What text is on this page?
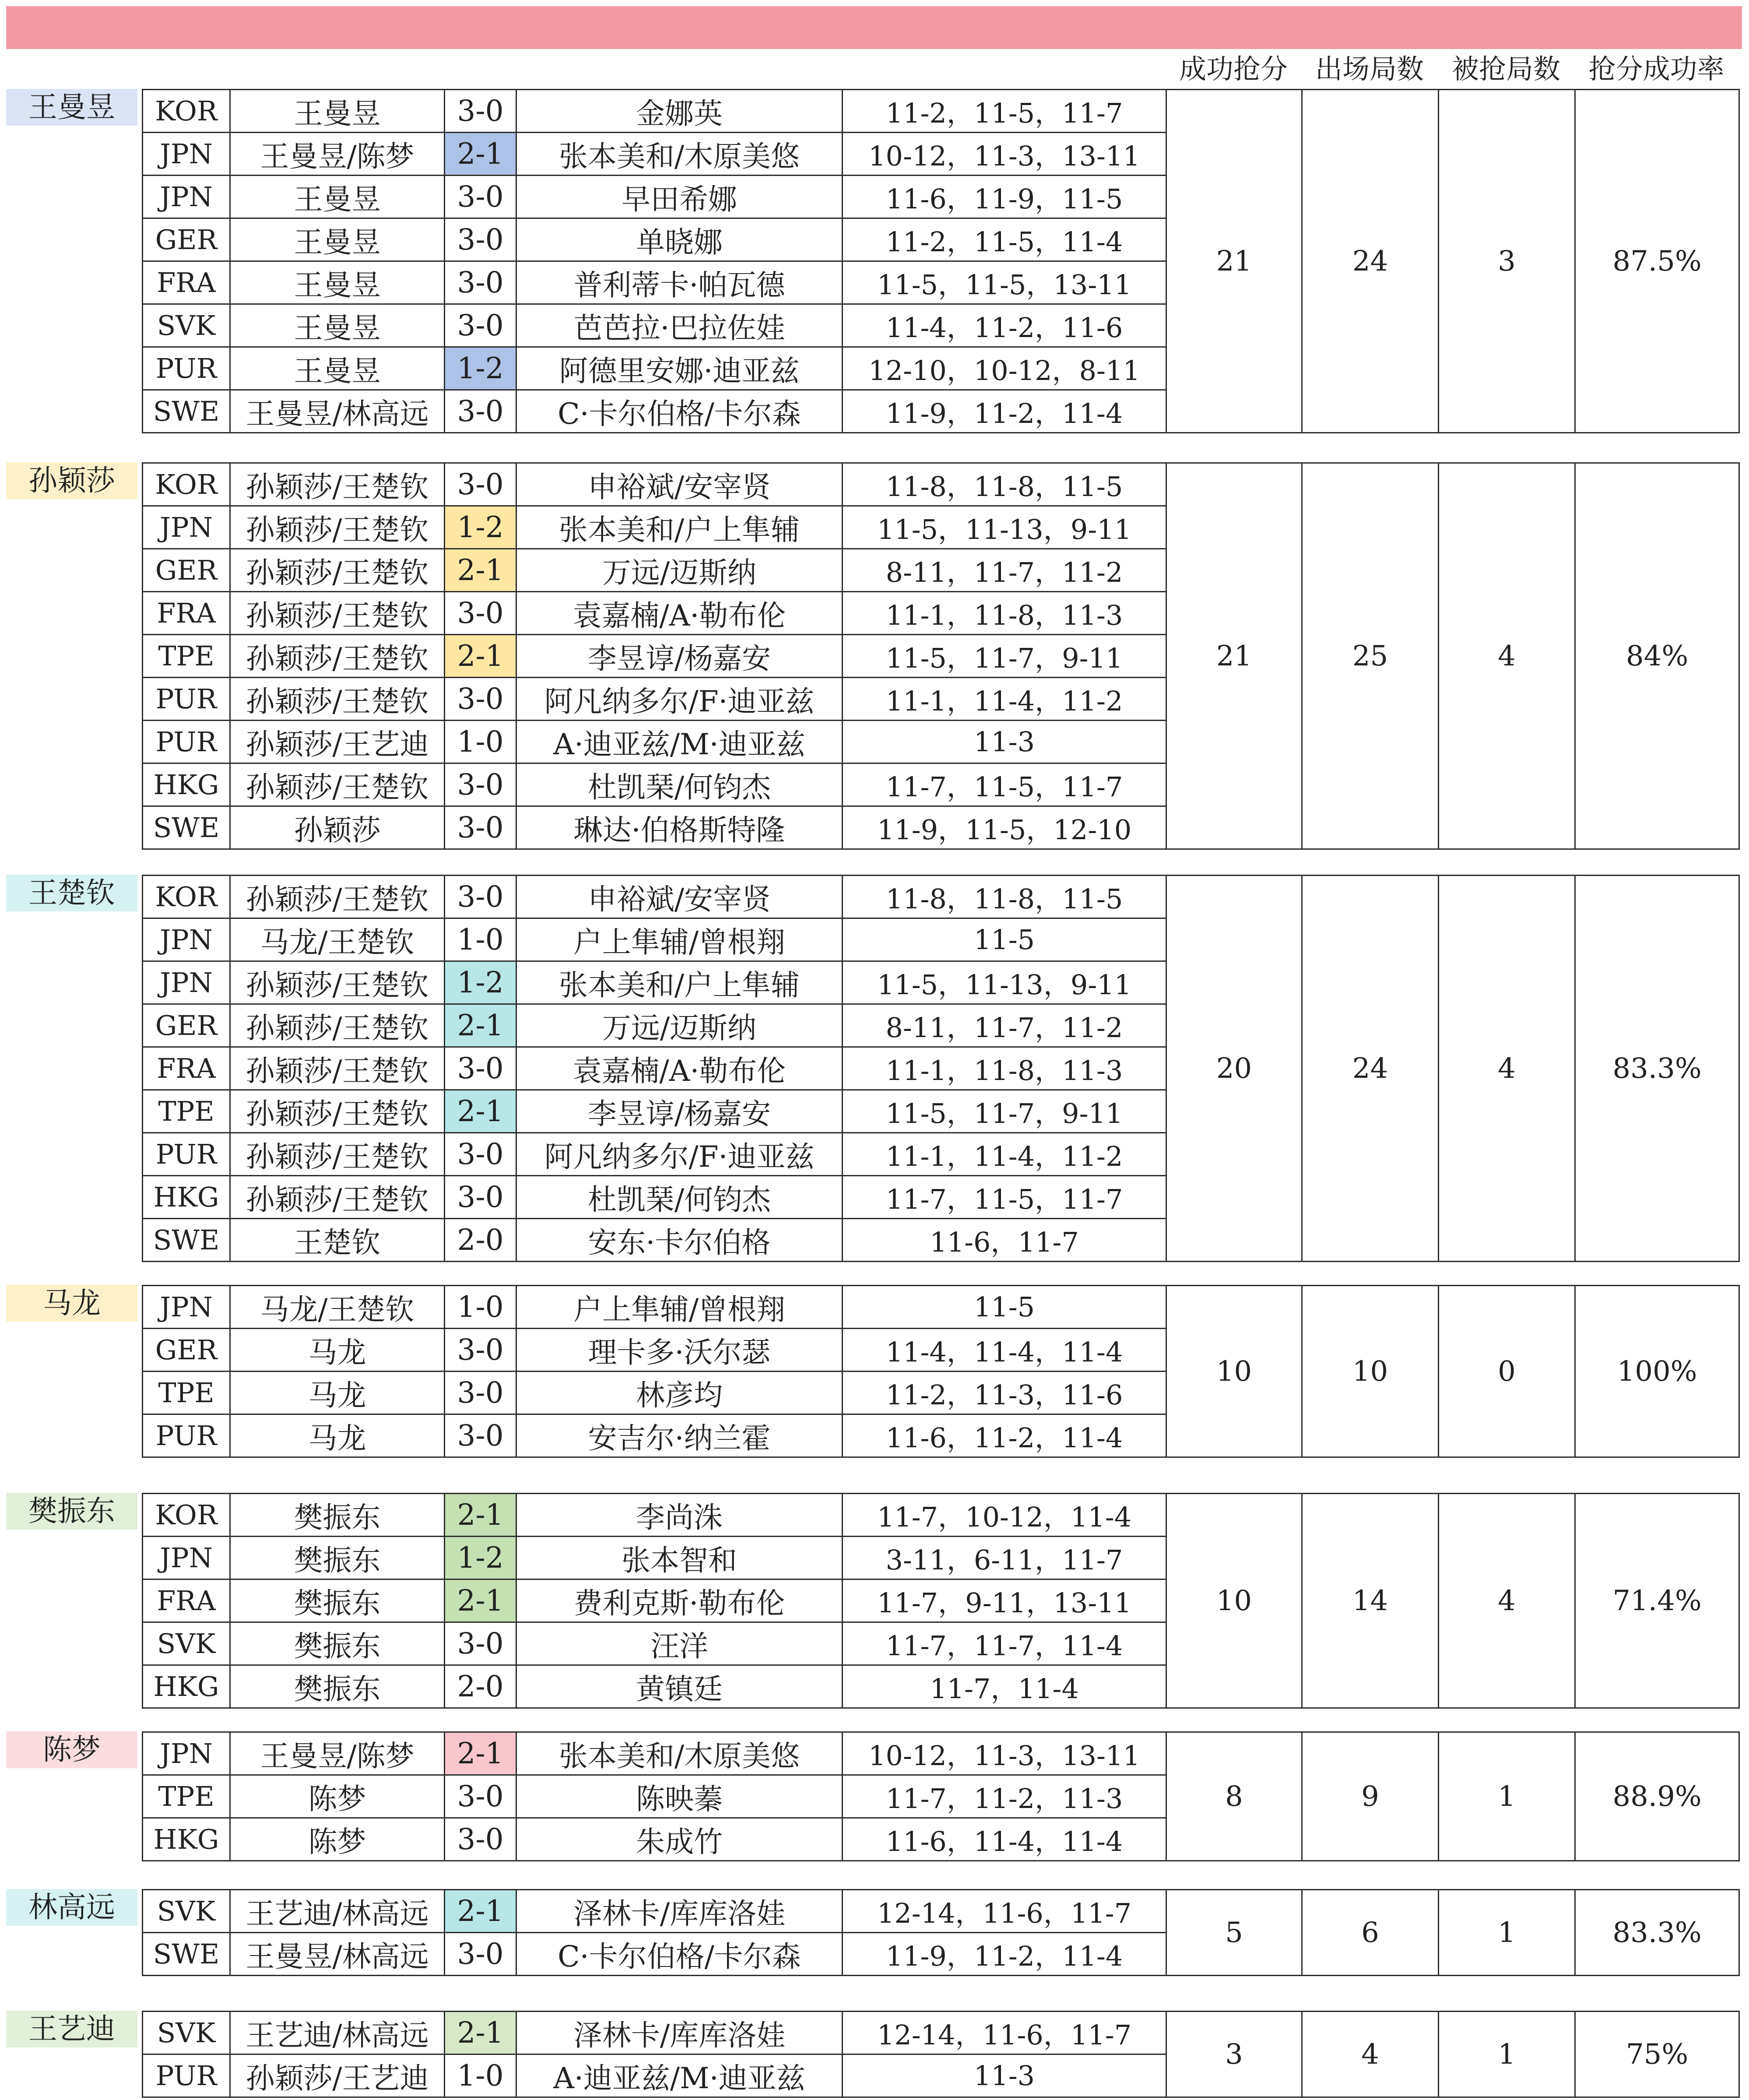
成功抢分	出场局数	被抢局数	抢分成功率
王曼昱	KOR	王曼昱	3-0	金娜英	11-2，11-5，11-7	21	24	3	87.5%
JPN	王曼昱/陈梦	2-1	张本美和/木原美悠	10-12，11-3，13-11				
JPN	王曼昱	3-0	早田希娜	11-6，11-9，11-5				
GER	王曼昱	3-0	单晓娜	11-2，11-5，11-4				
FRA	王曼昱	3-0	普利蒂卡·帕瓦德	11-5，11-5，13-11				
SVK	王曼昱	3-0	芭芭拉·巴拉佐娃	11-4，11-2，11-6				
PUR	王曼昱	1-2	阿德里安娜·迪亚兹	12-10，10-12，8-11				
SWE	王曼昱/林高远	3-0	C·卡尔伯格/卡尔森	11-9，11-2，11-4				
孙颖莎	KOR	孙颖莎/王楚钦	3-0	申裕斌/安宰贤	11-8，11-8，11-5	21	25	4	84%
JPN	孙颖莎/王楚钦	1-2	张本美和/户上隼辅	11-5，11-13，9-11				
GER	孙颖莎/王楚钦	2-1	万远/迈斯纳	8-11，11-7，11-2				
FRA	孙颖莎/王楚钦	3-0	袁嘉楠/A·勒布伦	11-1，11-8，11-3				
TPE	孙颖莎/王楚钦	2-1	李昱谆/杨嘉安	11-5，11-7，9-11				
PUR	孙颖莎/王楚钦	3-0	阿凡纳多尔/F·迪亚兹	11-1，11-4，11-2				
PUR	孙颖莎/王艺迪	1-0	A·迪亚兹/M·迪亚兹	11-3				
HKG	孙颖莎/王楚钦	3-0	杜凯琹/何钧杰	11-7，11-5，11-7				
SWE	孙颖莎	3-0	琳达·伯格斯特隆	11-9，11-5，12-10				
王楚钦	KOR	孙颖莎/王楚钦	3-0	申裕斌/安宰贤	11-8，11-8，11-5	20	24	4	83.3%
JPN	马龙/王楚钦	1-0	户上隼辅/曾根翔	11-5				
JPN	孙颖莎/王楚钦	1-2	张本美和/户上隼辅	11-5，11-13，9-11				
GER	孙颖莎/王楚钦	2-1	万远/迈斯纳	8-11，11-7，11-2				
FRA	孙颖莎/王楚钦	3-0	袁嘉楠/A·勒布伦	11-1，11-8，11-3				
TPE	孙颖莎/王楚钦	2-1	李昱谆/杨嘉安	11-5，11-7，9-11				
PUR	孙颖莎/王楚钦	3-0	阿凡纳多尔/F·迪亚兹	11-1，11-4，11-2				
HKG	孙颖莎/王楚钦	3-0	杜凯琹/何钧杰	11-7，11-5，11-7				
SWE	王楚钦	2-0	安东·卡尔伯格	11-6，11-7				
马龙	JPN	马龙/王楚钦	1-0	户上隼辅/曾根翔	11-5	10	10	0	100%
GER	马龙	3-0	理卡多·沃尔瑟	11-4，11-4，11-4				
TPE	马龙	3-0	林彦均	11-2，11-3，11-6				
PUR	马龙	3-0	安吉尔·纳兰霍	11-6，11-2，11-4				
樊振东	KOR	樊振东	2-1	李尚洙	11-7，10-12，11-4	10	14	4	71.4%
JPN	樊振东	1-2	张本智和	3-11，6-11，11-7				
FRA	樊振东	2-1	费利克斯·勒布伦	11-7，9-11，13-11				
SVK	樊振东	3-0	汪洋	11-7，11-7，11-4				
HKG	樊振东	2-0	黄镇廷	11-7，11-4				
陈梦	JPN	王曼昱/陈梦	2-1	张本美和/木原美悠	10-12，11-3，13-11	8	9	1	88.9%
TPE	陈梦	3-0	陈映蓁	11-7，11-2，11-3				
HKG	陈梦	3-0	朱成竹	11-6，11-4，11-4				
林高远	SVK	王艺迪/林高远	2-1	泽林卡/库库洛娃	12-14，11-6，11-7	5	6	1	83.3%
SWE	王曼昱/林高远	3-0	C·卡尔伯格/卡尔森	11-9，11-2，11-4				
王艺迪	SVK	王艺迪/林高远	2-1	泽林卡/库库洛娃	12-14，11-6，11-7	3	4	1	75%
PUR	孙颖莎/王艺迪	1-0	A·迪亚兹/M·迪亚兹	11-3				
